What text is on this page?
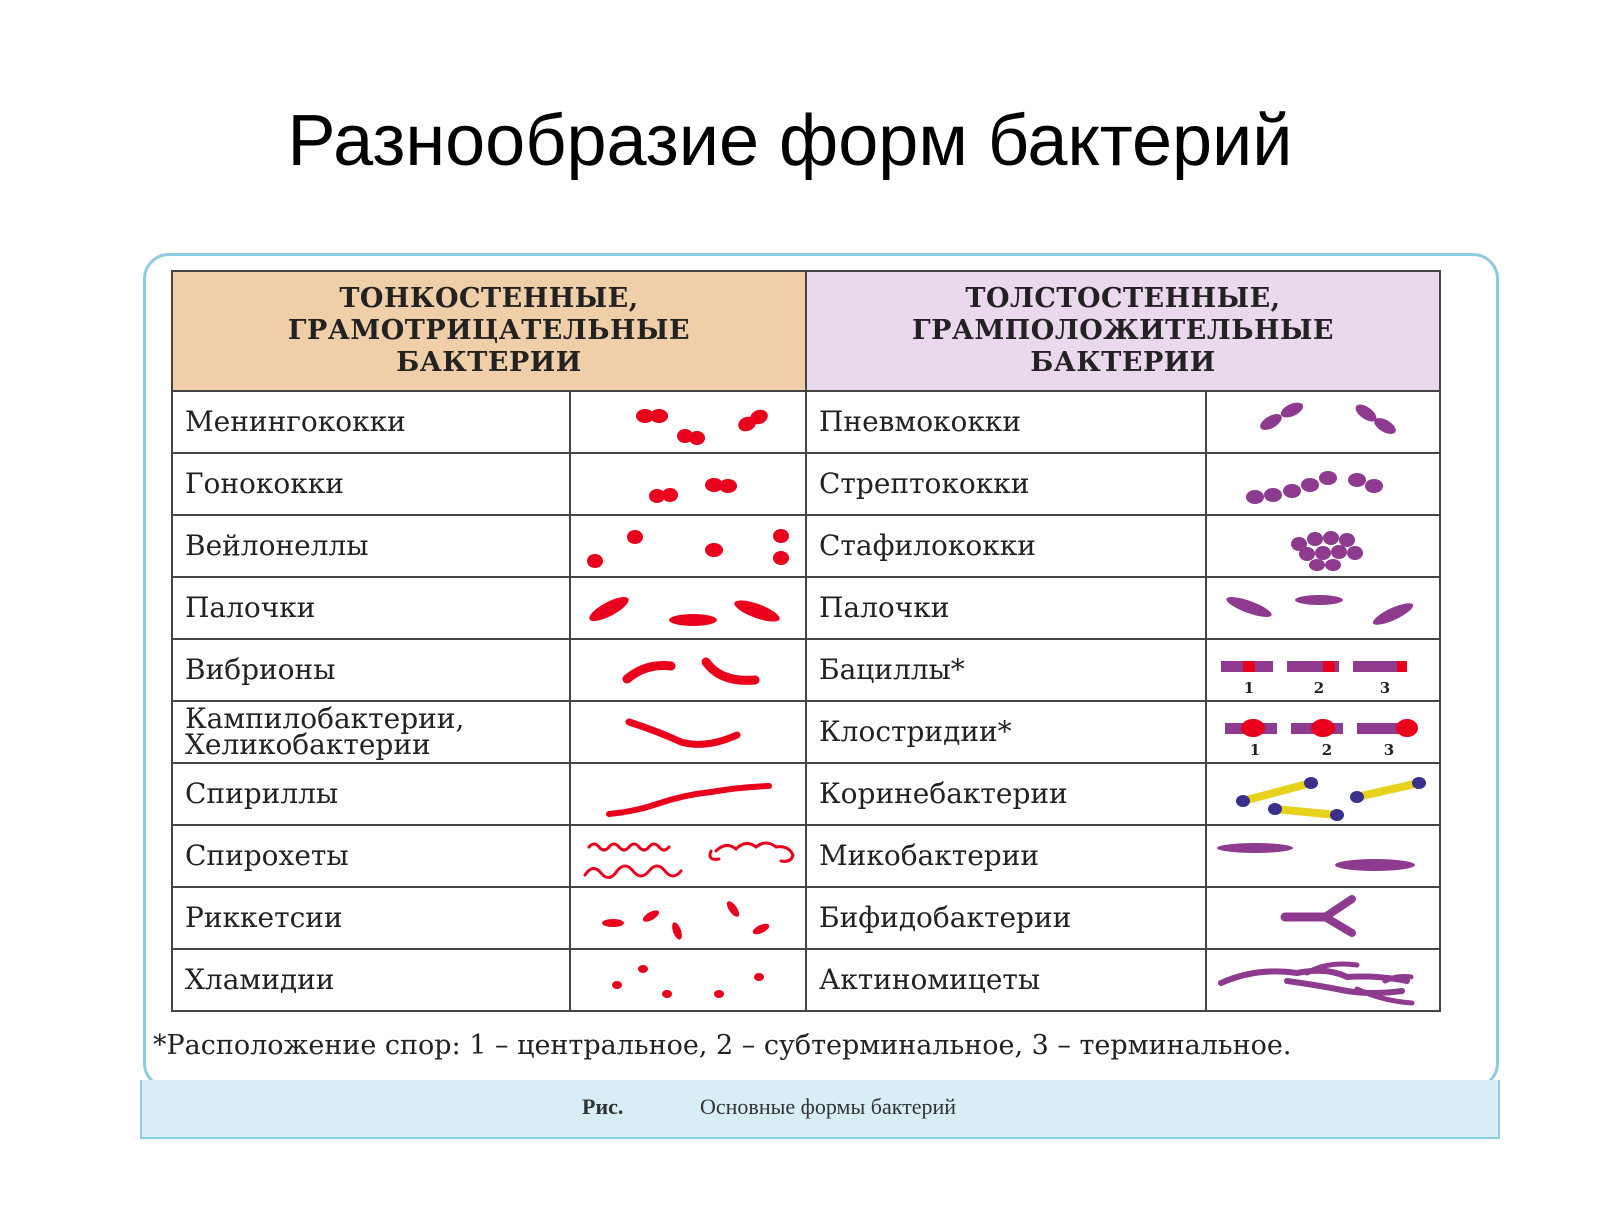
Разнообразие форм бактерий
Рис.	Основные формы бактерий
ТОНКОСТЕННЫЕ,
ГРАМОТРИЦАТЕЛЬНЫЕ
БАКТЕРИИ		ТОЛСТОСТЕННЫЕ,
ГРАМПОЛОЖИТЕЛЬНЫЕ
БАКТЕРИИ	

Менингококки		Пневмококки	

Гонококки		Стрептококки	

Вейлонеллы		Стафилококки	

Палочки		Палочки	

Вибрионы		Бациллы*	1 2 3

Кампилобактерии,
Хеликобактерии		Клостридии*	1 2 3

Спириллы		Коринебактерии	

Спирохеты		Микобактерии	

Риккетсии		Бифидобактерии	

Хламидии		Актиномицеты	
*Расположение спор: 1 – центральное, 2 – субтерминальное, 3 – терминальное.
